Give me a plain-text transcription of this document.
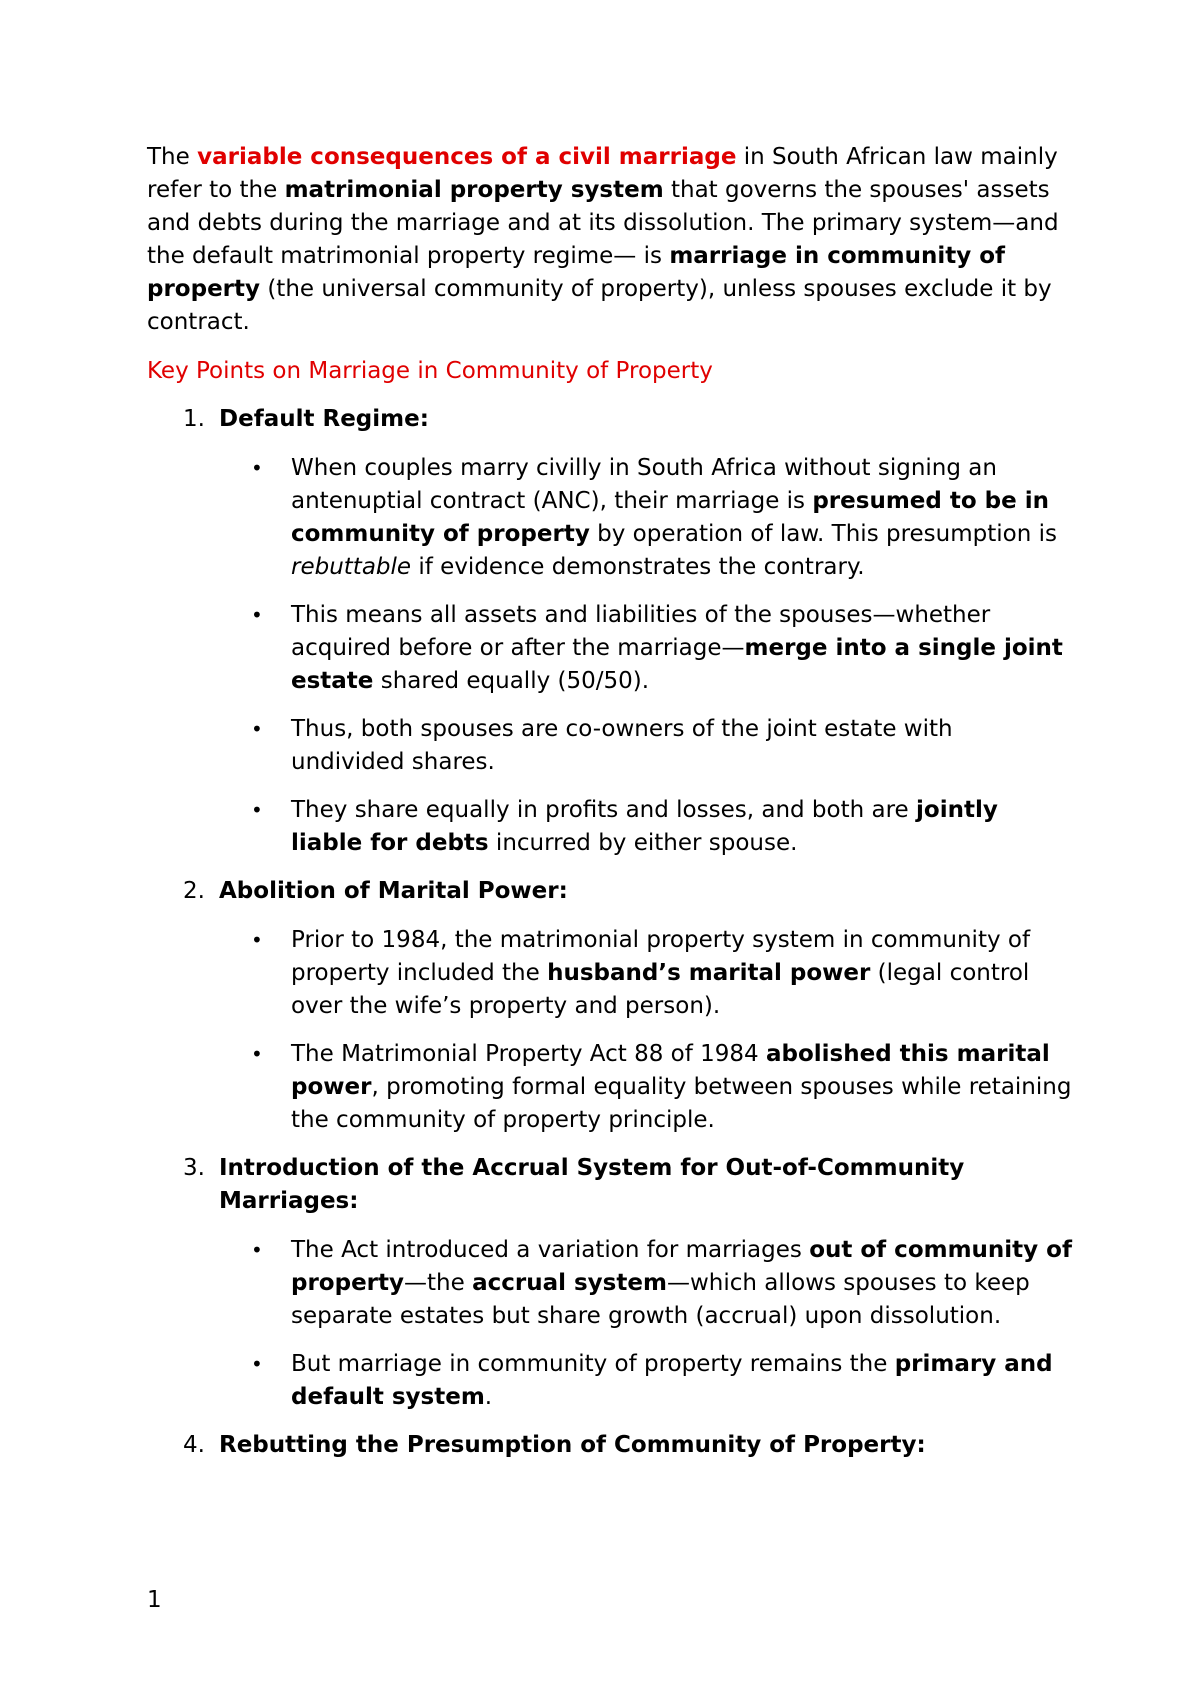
The variable consequences of a civil marriage in South African law mainly refer to the matrimonial property system that governs the spouses' assets and debts during the marriage and at its dissolution. The primary system—and the default matrimonial property regime— is marriage in community of property (the universal community of property), unless spouses exclude it by contract.

Key Points on Marriage in Community of Property

1. Default Regime:
• When couples marry civilly in South Africa without signing an antenuptial contract (ANC), their marriage is presumed to be in community of property by operation of law. This presumption is rebuttable if evidence demonstrates the contrary.
• This means all assets and liabilities of the spouses—whether acquired before or after the marriage—merge into a single joint estate shared equally (50/50).
• Thus, both spouses are co-owners of the joint estate with undivided shares.
• They share equally in profits and losses, and both are jointly liable for debts incurred by either spouse.
2. Abolition of Marital Power:
• Prior to 1984, the matrimonial property system in community of property included the husband’s marital power (legal control over the wife’s property and person).
• The Matrimonial Property Act 88 of 1984 abolished this marital power, promoting formal equality between spouses while retaining the community of property principle.
3. Introduction of the Accrual System for Out-of-Community Marriages:
• The Act introduced a variation for marriages out of community of property—the accrual system—which allows spouses to keep separate estates but share growth (accrual) upon dissolution.
• But marriage in community of property remains the primary and default system.
4. Rebutting the Presumption of Community of Property:
1
